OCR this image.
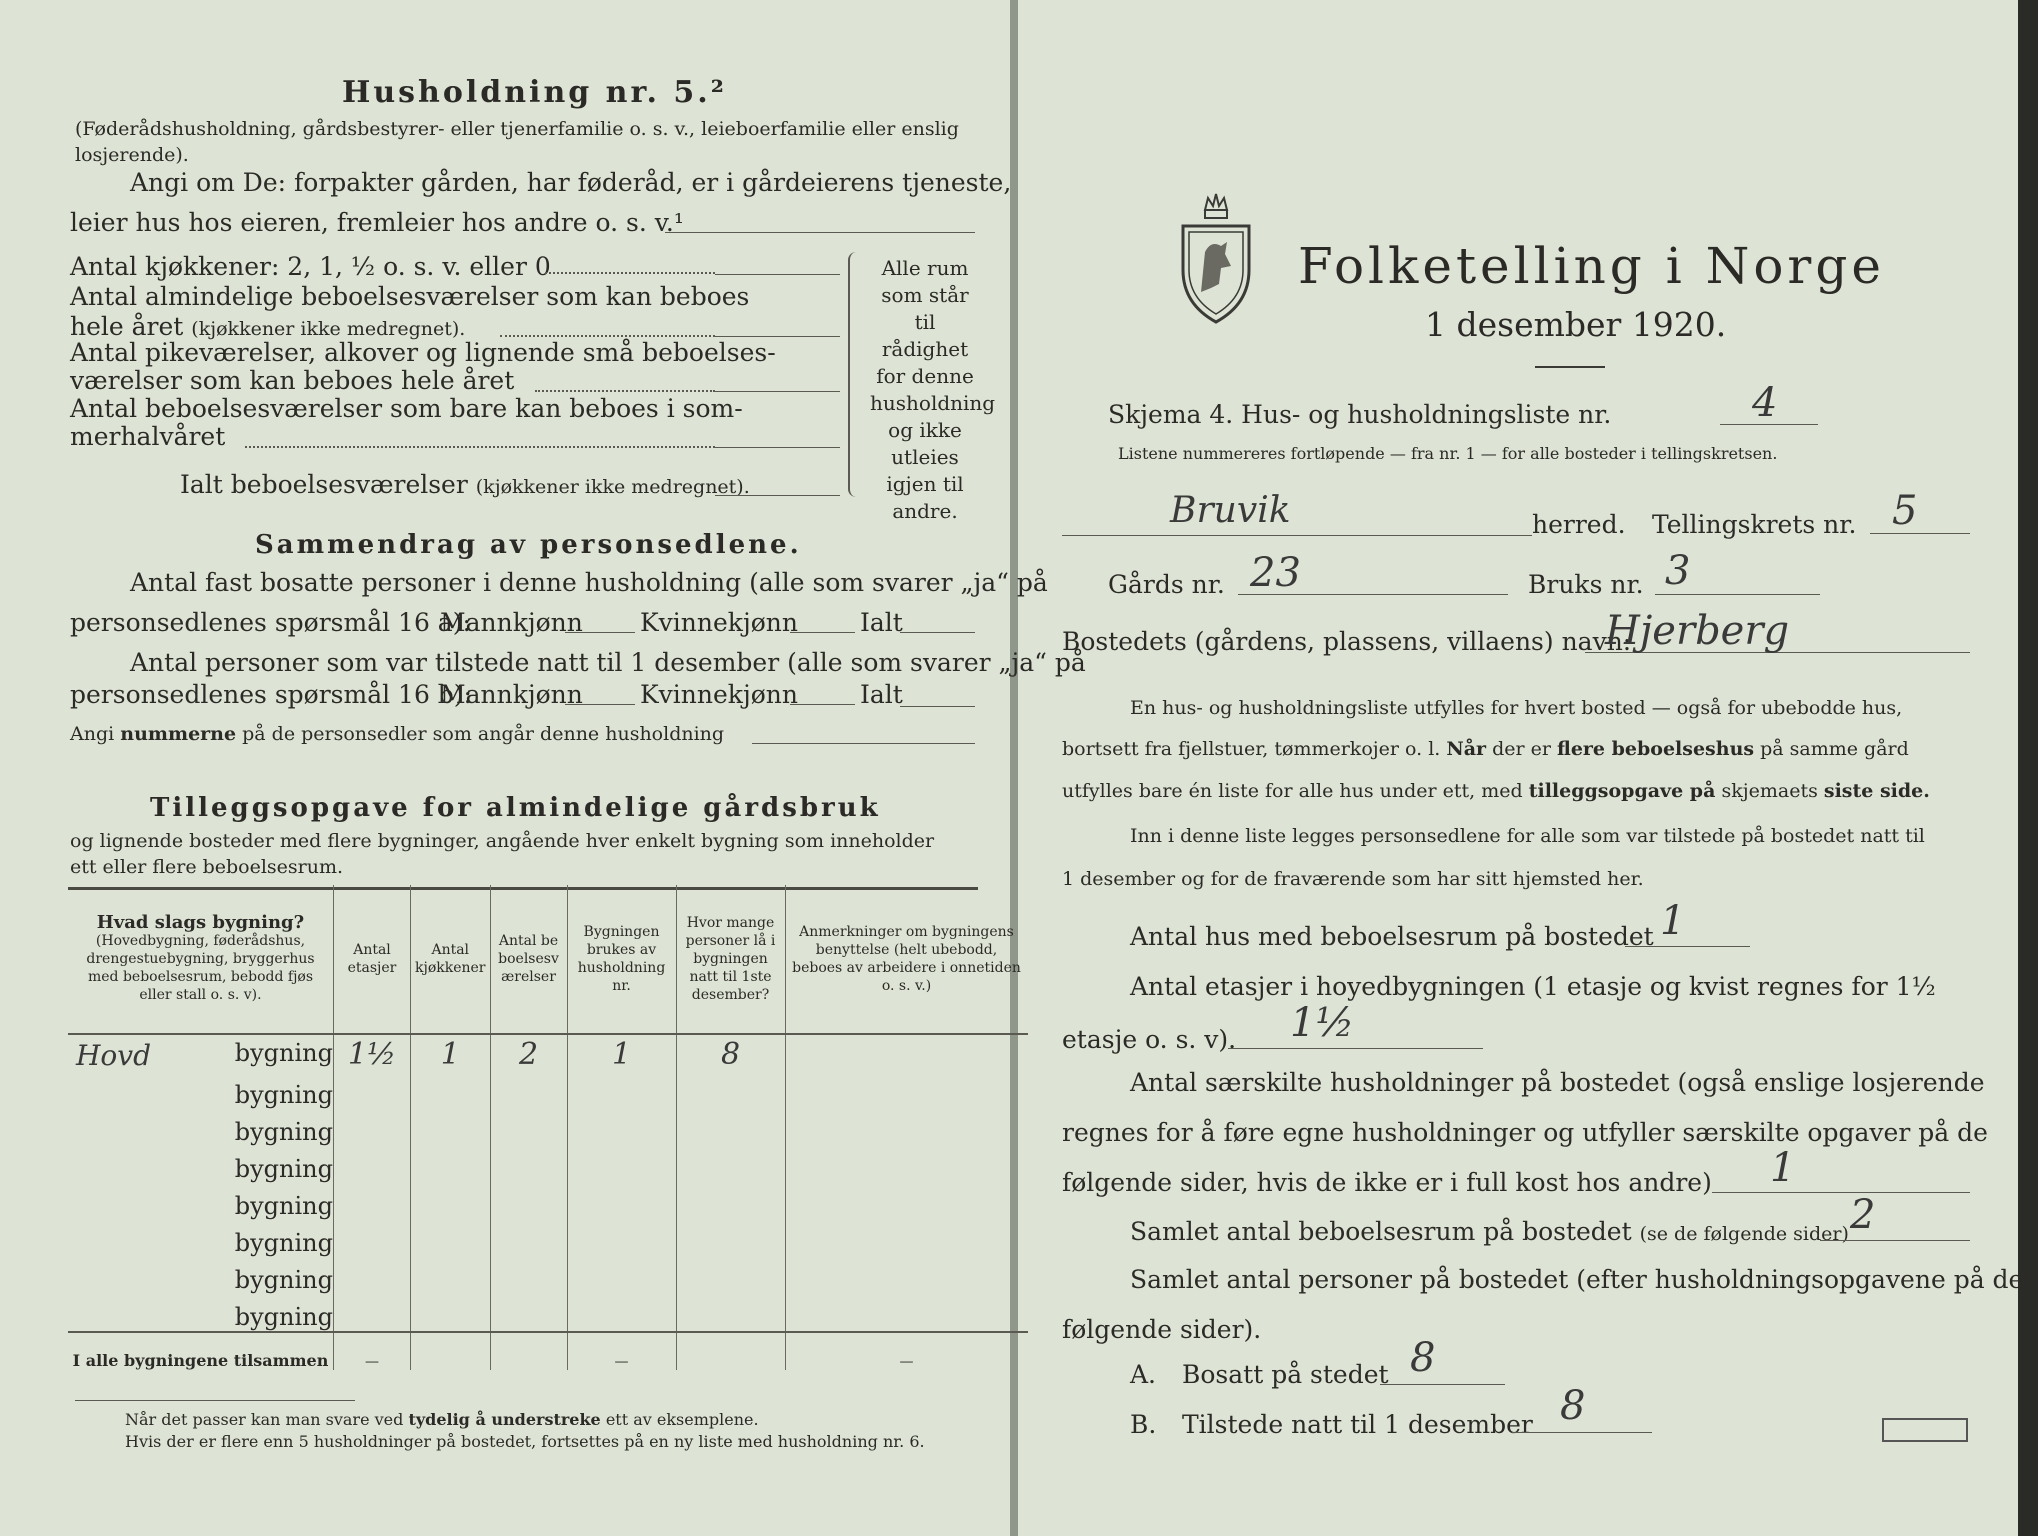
Husholdning nr. 5.²
(Føderådshusholdning, gårdsbestyrer- eller tjenerfamilie o. s. v., leieboerfamilie eller enslig losjerende).
Angi om De: forpakter gården, har føderåd, er i gårdeierens tjeneste,
leier hus hos eieren, fremleier hos andre o. s. v.¹
Antal kjøkkener: 2, 1, ½ o. s. v. eller 0
Antal almindelige beboelsesværelser som kan beboes
hele året (kjøkkener ikke medregnet).
Antal pikeværelser, alkover og lignende små beboelses-
værelser som kan beboes hele året
Antal beboelsesværelser som bare kan beboes i som-
merhalvåret
Ialt beboelsesværelser (kjøkkener ikke medregnet).
Alle rum som står til rådighet for denne husholdning og ikke utleies igjen til andre.
Sammendrag av personsedlene.
Antal fast bosatte personer i denne husholdning (alle som svarer „ja“ på
personsedlenes spørsmål 16 a):
Mannkjønn Kvinnekjønn Ialt
Antal personer som var tilstede natt til 1 desember (alle som svarer „ja“ på
personsedlenes spørsmål 16 b):
Mannkjønn Kvinnekjønn Ialt
Angi nummerne på de personsedler som angår denne husholdning
Tilleggsopgave for almindelige gårdsbruk
og lignende bosteder med flere bygninger, angående hver enkelt bygning som inneholder
ett eller flere beboelsesrum.
Hvad slags bygning?
(Hovedbygning, føderådshus, drengestuebygning, bryggerhus med beboelsesrum, bebodd fjøs eller stall o. s. v).	Antal etasjer	Antal kjøkkener	Antal beboelsesværelser	Bygningen brukes av husholdning nr.	Hvor mange personer lå i bygningen natt til 1ste desember?	Anmerkninger om bygningens benyttelse (helt ubebodd, beboes av arbeidere i onnetiden o. s. v.)

Hovd bygning	1½	1	2	1	8	
bygning						
bygning						
bygning						
bygning						
bygning						
bygning						
bygning						
I alle bygningene tilsammen	—			—		—
Når det passer kan man svare ved tydelig å understreke ett av eksemplene.
Hvis der er flere enn 5 husholdninger på bostedet, fortsettes på en ny liste med husholdning nr. 6.
Folketelling i Norge
1 desember 1920.
Skjema 4. Hus- og husholdningsliste nr.	4
Listene nummereres fortløpende — fra nr. 1 — for alle bosteder i tellingskretsen.
Bruvik	herred. Tellingskrets nr. 5
Gårds nr. 23	Bruks nr. 3
Bostedets (gårdens, plassens, villaens) navn:
Hjerberg
En hus- og husholdningsliste utfylles for hvert bosted — også for ubebodde hus,
bortsett fra fjellstuer, tømmerkojer o. l. Når der er flere beboelseshus på samme gård
utfylles bare én liste for alle hus under ett, med tilleggsopgave på skjemaets siste side.
Inn i denne liste legges personsedlene for alle som var tilstede på bostedet natt til
1 desember og for de fraværende som har sitt hjemsted her.
Antal hus med beboelsesrum på bostedet 1
Antal etasjer i hoyedbygningen (1 etasje og kvist regnes for 1½
etasje o. s. v). 1½
Antal særskilte husholdninger på bostedet (også enslige losjerende
regnes for å føre egne husholdninger og utfyller særskilte opgaver på de
følgende sider, hvis de ikke er i full kost hos andre) 1
Samlet antal beboelsesrum på bostedet (se de følgende sider) 2
Samlet antal personer på bostedet (efter husholdningsopgavene på de
følgende sider).
A. Bosatt på stedet 8
B. Tilstede natt til 1 desember 8
